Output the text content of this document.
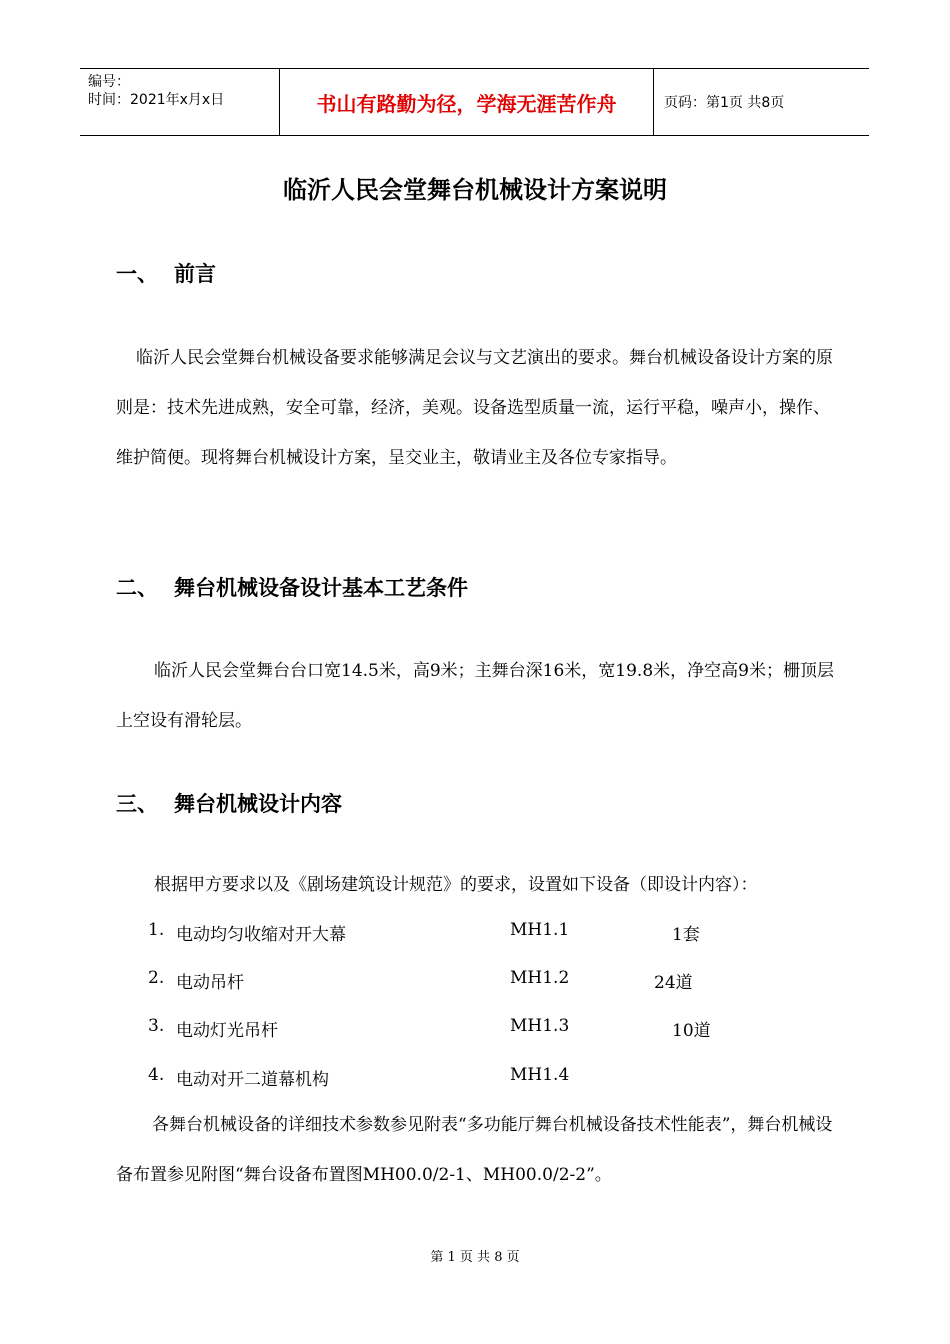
编号：
时间：2021年x月x日	书山有路勤为径，学海无涯苦作舟	页码：第1页 共8页
临沂人民会堂舞台机械设计方案说明
一、 前言
临沂人民会堂舞台机械设备要求能够满足会议与文艺演出的要求。舞台机械设备设计方案的原则是：技术先进成熟，安全可靠，经济，美观。设备选型质量一流，运行平稳，噪声小，操作、维护简便。现将舞台机械设计方案，呈交业主，敬请业主及各位专家指导。
二、 舞台机械设备设计基本工艺条件
临沂人民会堂舞台台口宽14.5米，高9米；主舞台深16米，宽19.8米，净空高9米；栅顶层上空设有滑轮层。
三、 舞台机械设计内容
根据甲方要求以及《剧场建筑设计规范》的要求，设置如下设备（即设计内容）：
1. 电动均匀收缩对开大幕	MH1.1	1套
2. 电动吊杆	MH1.2	24道
3. 电动灯光吊杆	MH1.3	10道
4. 电动对开二道幕机构	MH1.4
各舞台机械设备的详细技术参数参见附表“多功能厅舞台机械设备技术性能表”，舞台机械设备布置参见附图“舞台设备布置图MH00.0/2-1、MH00.0/2-2”。
第 1 页 共 8 页
